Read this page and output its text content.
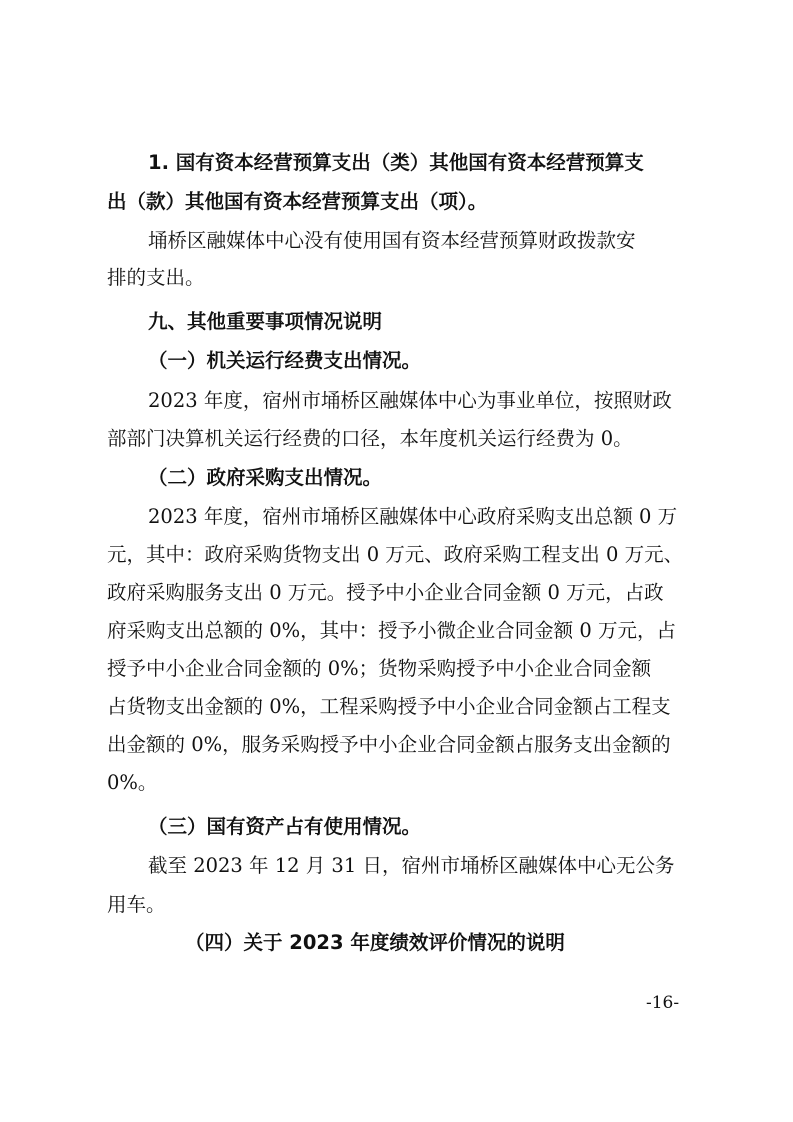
1. 国有资本经营预算支出（类）其他国有资本经营预算支
出（款）其他国有资本经营预算支出（项）。
埇桥区融媒体中心没有使用国有资本经营预算财政拨款安
排的支出。
九、其他重要事项情况说明
（一）机关运行经费支出情况。
2023 年度，宿州市埇桥区融媒体中心为事业单位，按照财政
部部门决算机关运行经费的口径，本年度机关运行经费为 0。
（二）政府采购支出情况。
2023 年度，宿州市埇桥区融媒体中心政府采购支出总额 0 万
元，其中：政府采购货物支出 0 万元、政府采购工程支出 0 万元、
政府采购服务支出 0 万元。授予中小企业合同金额 0 万元，占政
府采购支出总额的 0%，其中：授予小微企业合同金额 0 万元，占
授予中小企业合同金额的 0%；货物采购授予中小企业合同金额
占货物支出金额的 0%，工程采购授予中小企业合同金额占工程支
出金额的 0%，服务采购授予中小企业合同金额占服务支出金额的
0%。
（三）国有资产占有使用情况。
截至 2023 年 12 月 31 日，宿州市埇桥区融媒体中心无公务
用车。
（四）关于 2023 年度绩效评价情况的说明
-16-
